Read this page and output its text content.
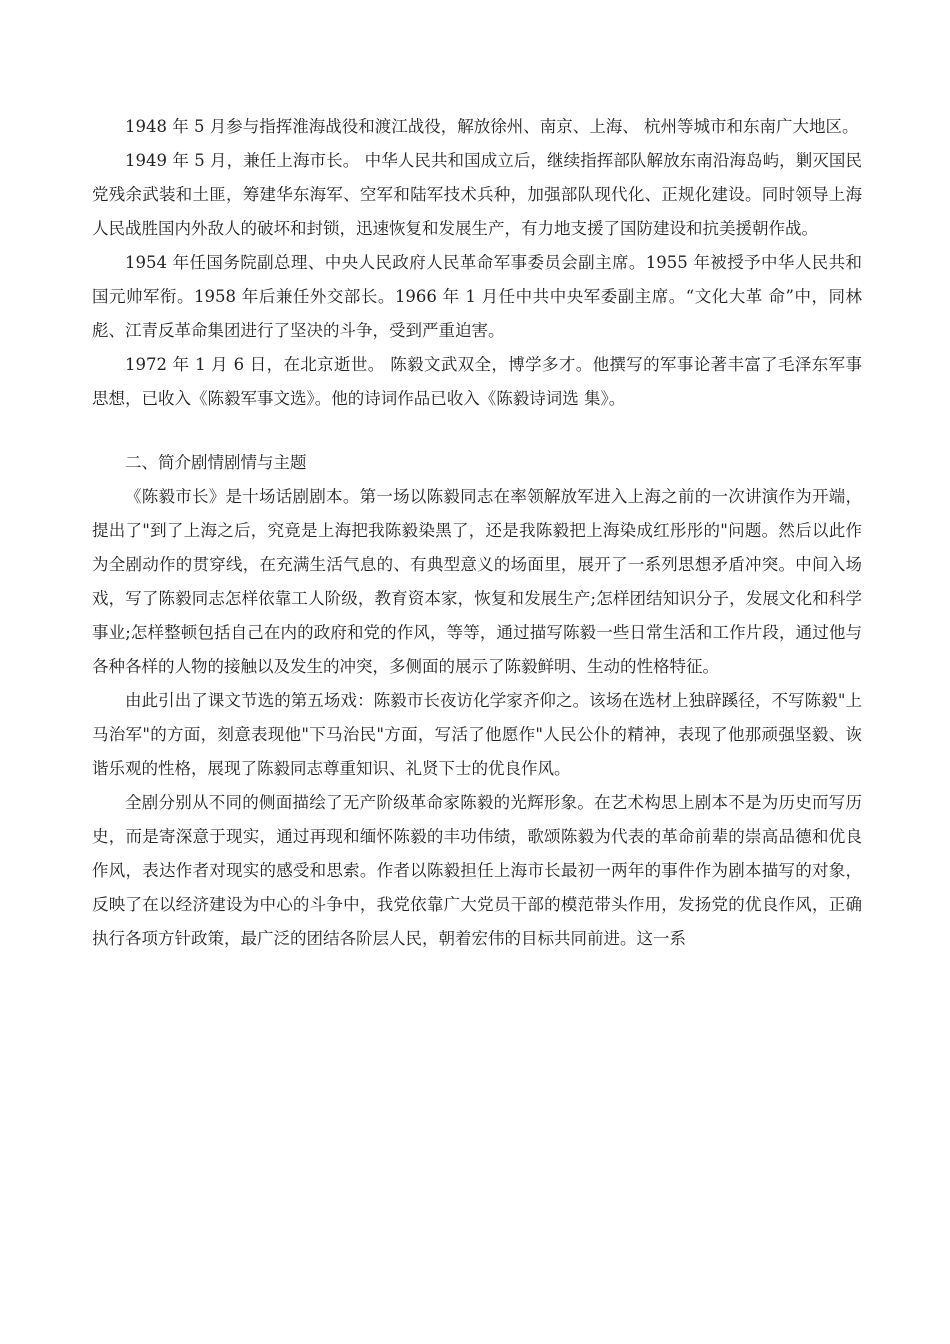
1948 年 5 月参与指挥淮海战役和渡江战役，解放徐州、南京、上海、 杭州等城市和东南广大地区。

1949 年 5 月，兼任上海市长。 中华人民共和国成立后，继续指挥部队解放东南沿海岛屿，剿灭国民党残余武装和土匪，筹建华东海军、空军和陆军技术兵种，加强部队现代化、正规化建设。同时领导上海人民战胜国内外敌人的破坏和封锁，迅速恢复和发展生产，有力地支援了国防建设和抗美援朝作战。

1954 年任国务院副总理、中央人民政府人民革命军事委员会副主席。1955 年被授予中华人民共和国元帅军衔。1958 年后兼任外交部长。1966 年 1 月任中共中央军委副主席。“文化大革 命”中，同林彪、江青反革命集团进行了坚决的斗争，受到严重迫害。

1972 年 1 月 6 日，在北京逝世。 陈毅文武双全，博学多才。他撰写的军事论著丰富了毛泽东军事 思想，已收入《陈毅军事文选》。他的诗词作品已收入《陈毅诗词选 集》。

二、简介剧情剧情与主题

《陈毅市长》是十场话剧剧本。第一场以陈毅同志在率领解放军进入上海之前的一次讲演作为开端，提出了"到了上海之后，究竟是上海把我陈毅染黑了，还是我陈毅把上海染成红彤彤的"问题。然后以此作为全剧动作的贯穿线，在充满生活气息的、有典型意义的场面里，展开了一系列思想矛盾冲突。中间入场戏，写了陈毅同志怎样依靠工人阶级，教育资本家，恢复和发展生产;怎样团结知识分子，发展文化和科学事业;怎样整顿包括自己在内的政府和党的作风，等等，通过描写陈毅一些日常生活和工作片段，通过他与各种各样的人物的接触以及发生的冲突，多侧面的展示了陈毅鲜明、生动的性格特征。

由此引出了课文节选的第五场戏：陈毅市长夜访化学家齐仰之。该场在选材上独辟蹊径，不写陈毅"上马治军"的方面，刻意表现他"下马治民"方面，写活了他愿作"人民公仆的精神，表现了他那顽强坚毅、诙谐乐观的性格，展现了陈毅同志尊重知识、礼贤下士的优良作风。

全剧分别从不同的侧面描绘了无产阶级革命家陈毅的光辉形象。在艺术构思上剧本不是为历史而写历史，而是寄深意于现实，通过再现和缅怀陈毅的丰功伟绩，歌颂陈毅为代表的革命前辈的崇高品德和优良作风，表达作者对现实的感受和思索。作者以陈毅担任上海市长最初一两年的事件作为剧本描写的对象，反映了在以经济建设为中心的斗争中，我党依靠广大党员干部的模范带头作用，发扬党的优良作风，正确执行各项方针政策，最广泛的团结各阶层人民，朝着宏伟的目标共同前进。这一系
